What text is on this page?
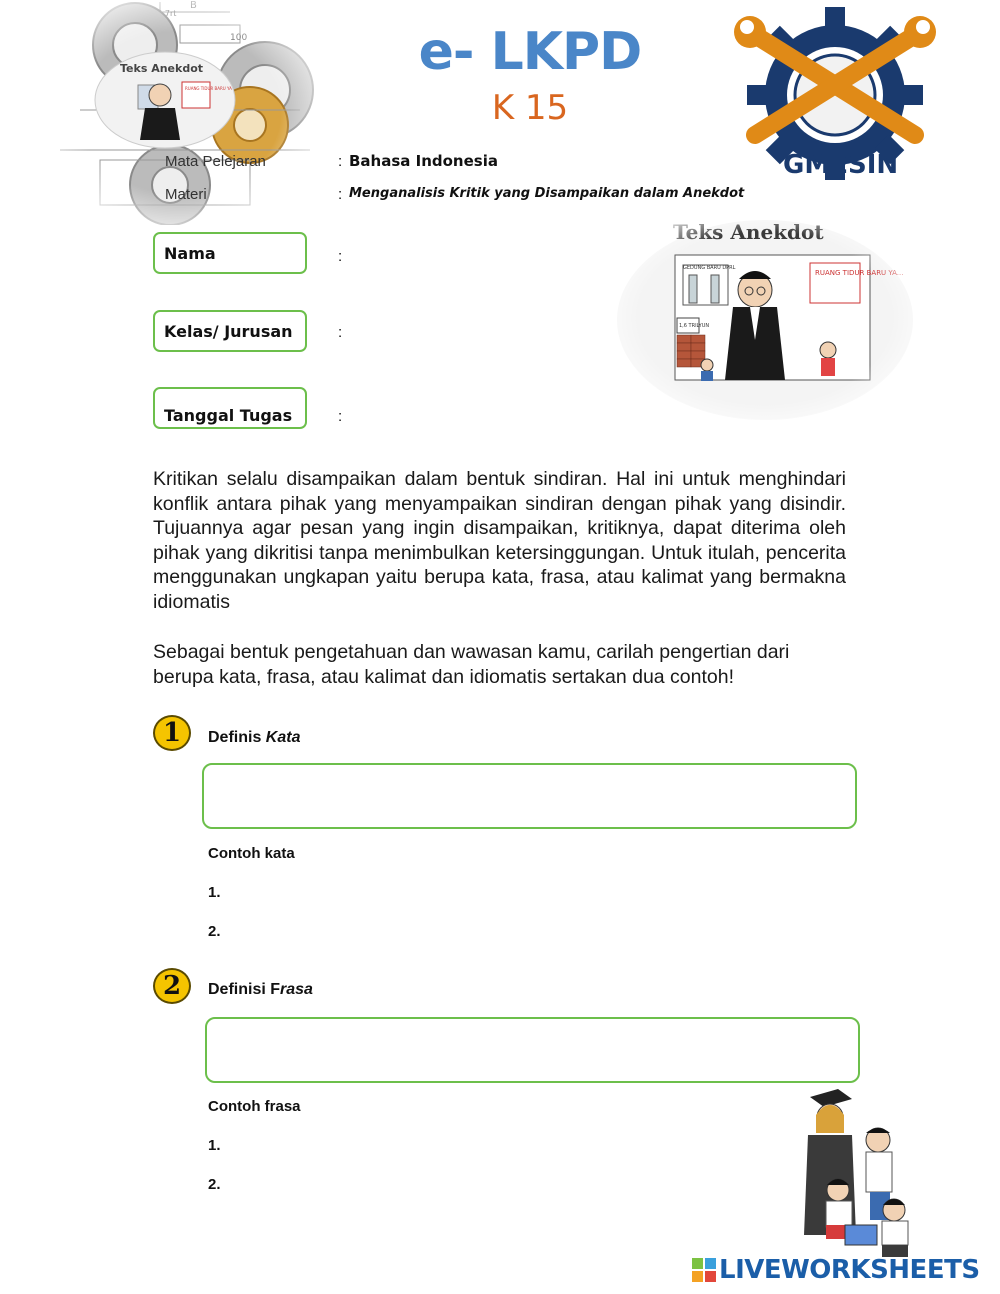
GMESIN
e- LKPD
K 15
Mata Pelejaran	: Bahasa Indonesia
Materi	: Menganalisis Kritik yang Disampaikan dalam Anekdot
Nama	:
Kelas/ Jurusan	:
Tanggal Tugas	:
Kritikan selalu disampaikan dalam bentuk sindiran. Hal ini untuk menghindari konflik antara pihak yang menyampaikan sindiran dengan pihak yang disindir. Tujuannya agar pesan yang ingin disampaikan, kritiknya, dapat diterima oleh pihak yang dikritisi tanpa menimbulkan ketersinggungan. Untuk itulah, pencerita menggunakan ungkapan yaitu berupa kata, frasa, atau kalimat yang bermakna idiomatis
Sebagai bentuk pengetahuan dan wawasan kamu, carilah pengertian dari berupa kata, frasa, atau kalimat dan idiomatis sertakan dua contoh!
1	Definis Kata
Contoh kata
1.
2.
2	Definisi Frasa
Contoh frasa
1.
2.
LIVEWORKSHEETS
